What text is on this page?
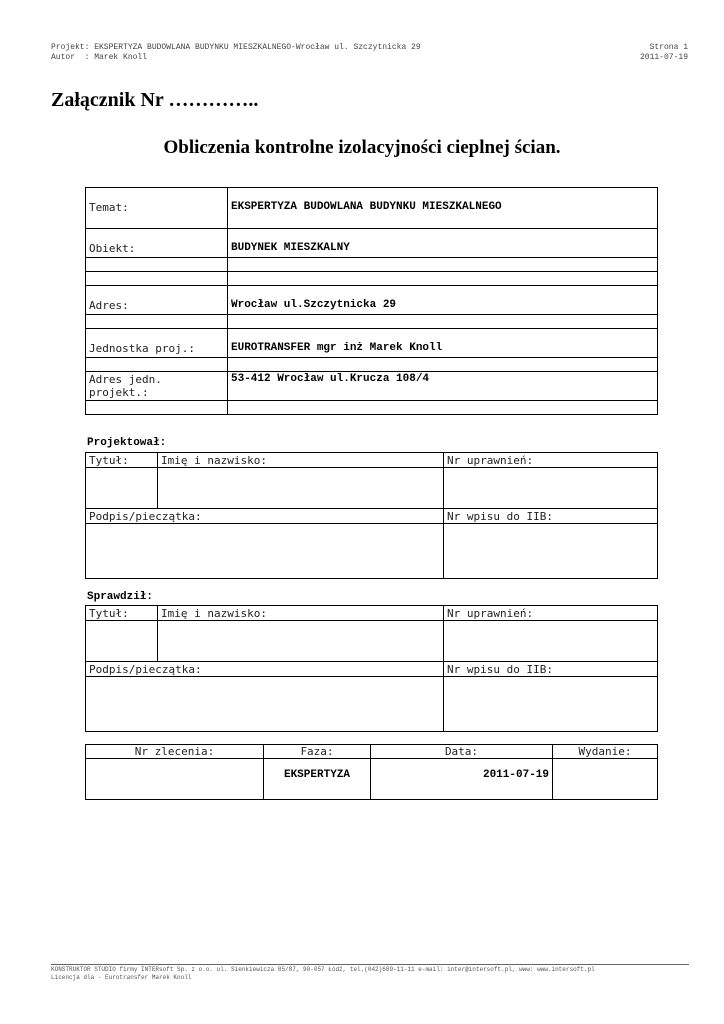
Projekt: EKSPERTYZA BUDOWLANA BUDYNKU MIESZKALNEGO-Wrocław ul. Szczytnicka 29
Autor  : Marek Knoll
Strona 1
2011-07-19
Załącznik Nr …………..
Obliczenia kontrolne izolacyjności cieplnej ścian.
Temat:	EKSPERTYZA BUDOWLANA BUDYNKU MIESZKALNEGO
Obiekt:	BUDYNEK MIESZKALNY

Adres:	Wrocław ul.Szczytnicka 29

Jednostka proj.:	EUROTRANSFER mgr inż Marek Knoll

Adres jedn. projekt.:	53-412 Wrocław ul.Krucza 108/4

Projektował:
Tytuł:	Imię i nazwisko:	Nr uprawnień:

Podpis/pieczątka:		Nr wpisu do IIB:

Sprawdził:
Tytuł:	Imię i nazwisko:	Nr uprawnień:

Podpis/pieczątka:		Nr wpisu do IIB:

Nr zlecenia:	Faza:	Data:	Wydanie:
	EKSPERTYZA	2011-07-19	
KONSTRUKTOR STUDIO firmy INTERsoft Sp. z o.o. ul. Sienkiewicza 85/87, 90-057 Łódź, tel.(042)689-11-11 e-mail: inter@intersoft.pl, www: www.intersoft.pl
Licencja dla - Eurotransfer Marek Knoll
